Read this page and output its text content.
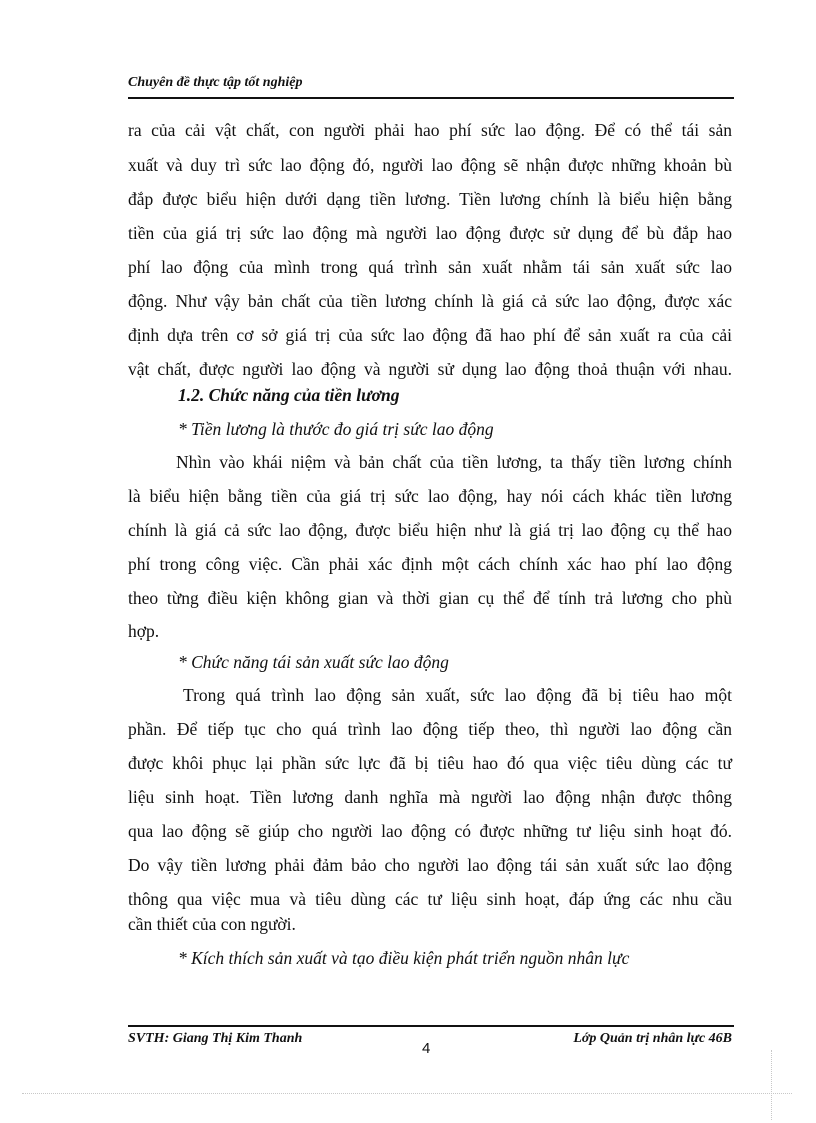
Chuyên đề thực tập tốt nghiệp
ra của cải vật chất, con người phải hao phí sức lao động. Để có thể tái sản
xuất và duy trì sức lao động đó, người lao động sẽ nhận được những khoản bù
đắp được biểu hiện dưới dạng tiền lương. Tiền lương chính là biểu hiện bằng
tiền của giá trị sức lao động mà người lao động được sử dụng để bù đắp hao
phí lao động của mình trong quá trình sản xuất nhằm tái sản xuất sức lao
động. Như vậy bản chất của tiền lương chính là giá cả sức lao động, được xác
định dựa trên cơ sở giá trị của sức lao động đã hao phí để sản xuất ra của cải
vật chất, được người lao động và người sử dụng lao động thoả thuận với nhau.
1.2. Chức năng của tiền lương
* Tiền lương là thước đo giá trị sức lao động
Nhìn vào khái niệm và bản chất của tiền lương, ta thấy tiền lương chính
là biểu hiện bằng tiền của giá trị sức lao động, hay nói cách khác tiền lương
chính là giá cả sức lao động, được biểu hiện như là giá trị lao động cụ thể hao
phí trong công việc. Cần phải xác định một cách chính xác hao phí lao động
theo từng điều kiện không gian và thời gian cụ thể để tính trả lương cho phù
hợp.
* Chức năng tái sản xuất sức lao động
Trong quá trình lao động sản xuất, sức lao động đã bị tiêu hao một
phần. Để tiếp tục cho quá trình lao động tiếp theo, thì người lao động cần
được khôi phục lại phần sức lực đã bị tiêu hao đó qua việc tiêu dùng các tư
liệu sinh hoạt. Tiền lương danh nghĩa mà người lao động nhận được thông
qua lao động sẽ giúp cho người lao động có được những tư liệu sinh hoạt đó.
Do vậy tiền lương phải đảm bảo cho người lao động tái sản xuất sức lao động
thông qua việc mua và tiêu dùng các tư liệu sinh hoạt, đáp ứng các nhu cầu
cần thiết của con người.
* Kích thích sản xuất và tạo điều kiện phát triển nguồn nhân lực
SVTH: Giang Thị Kim Thanh
4
Lớp Quản trị nhân lực 46B
